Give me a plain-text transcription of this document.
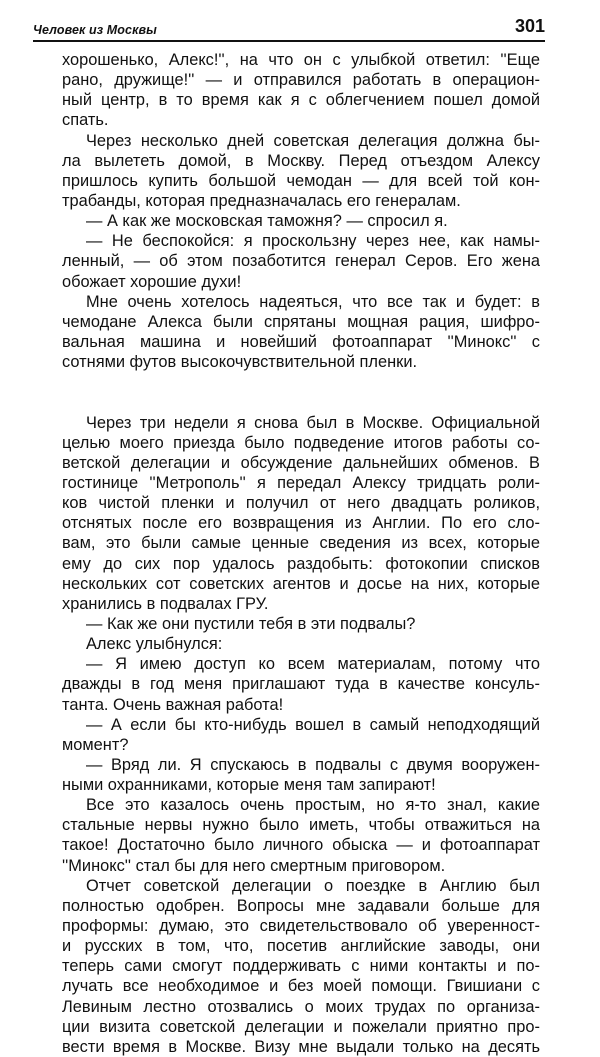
Человек из Москвы	301
хорошенько, Алекс!'', на что он с улыбкой ответил: ''Еще
рано, дружище!'' — и отправился работать в операцион-
ный центр, в то время как я с облегчением пошел домой
спать.
Через несколько дней советская делегация должна бы-
ла вылететь домой, в Москву. Перед отъездом Алексу
пришлось купить большой чемодан — для всей той кон-
трабанды, которая предназначалась его генералам.
— А как же московская таможня? — спросил я.
— Не беспокойся: я проскользну через нее, как намы-
ленный, — об этом позаботится генерал Серов. Его жена
обожает хорошие духи!
Мне очень хотелось надеяться, что все так и будет: в
чемодане Алекса были спрятаны мощная рация, шифро-
вальная машина и новейший фотоаппарат ''Минокс'' с
сотнями футов высокочувствительной пленки.
Через три недели я снова был в Москве. Официальной
целью моего приезда было подведение итогов работы со-
ветской делегации и обсуждение дальнейших обменов. В
гостинице ''Метрополь'' я передал Алексу тридцать роли-
ков чистой пленки и получил от него двадцать роликов,
отснятых после его возвращения из Англии. По его сло-
вам, это были самые ценные сведения из всех, которые
ему до сих пор удалось раздобыть: фотокопии списков
нескольких сот советских агентов и досье на них, которые
хранились в подвалах ГРУ.
— Как же они пустили тебя в эти подвалы?
Алекс улыбнулся:
— Я имею доступ ко всем материалам, потому что
дважды в год меня приглашают туда в качестве консуль-
танта. Очень важная работа!
— А если бы кто-нибудь вошел в самый неподходящий
момент?
— Вряд ли. Я спускаюсь в подвалы с двумя вооружен-
ными охранниками, которые меня там запирают!
Все это казалось очень простым, но я-то знал, какие
стальные нервы нужно было иметь, чтобы отважиться на
такое! Достаточно было личного обыска — и фотоаппарат
''Минокс'' стал бы для него смертным приговором.
Отчет советской делегации о поездке в Англию был
полностью одобрен. Вопросы мне задавали больше для
проформы: думаю, это свидетельствовало об уверенност-
и русских в том, что, посетив английские заводы, они
теперь сами смогут поддерживать с ними контакты и по-
лучать все необходимое и без моей помощи. Гвишиани с
Левиным лестно отозвались о моих трудах по организа-
ции визита советской делегации и пожелали приятно про-
вести время в Москве. Визу мне выдали только на десять
